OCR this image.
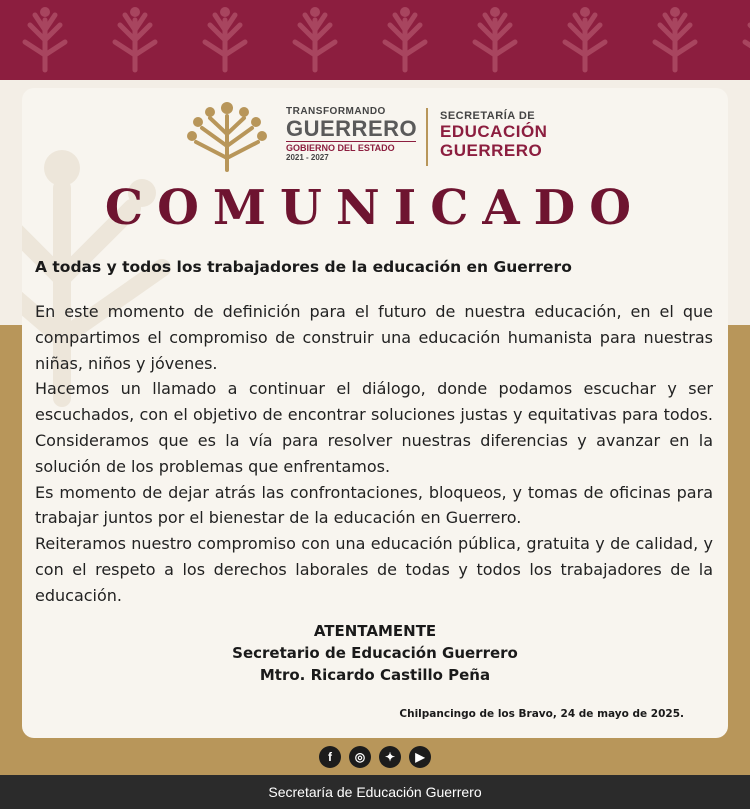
TRANSFORMANDO
GUERRERO
GOBIERNO DEL ESTADO
2021 - 2027
SECRETARÍA DE
EDUCACIÓN
GUERRERO
COMUNICADO
A todas y todos los trabajadores de la educación en Guerrero

En este momento de definición para el futuro de nuestra educación, en el que compartimos el compromiso de construir una educación humanista para nuestras niñas, niños y jóvenes.

Hacemos un llamado a continuar el diálogo, donde podamos escuchar y ser escuchados, con el objetivo de encontrar soluciones justas y equitativas para todos. Consideramos que es la vía para resolver nuestras diferencias y avanzar en la solución de los problemas que enfrentamos.

Es momento de dejar atrás las confrontaciones, bloqueos, y tomas de oficinas para trabajar juntos por el bienestar de la educación en Guerrero.

Reiteramos nuestro compromiso con una educación pública, gratuita y de calidad, y con el respeto a los derechos laborales de todas y todos los trabajadores de la educación.

ATENTAMENTE
Secretario de Educación Guerrero
Mtro. Ricardo Castillo Peña
Chilpancingo de los Bravo, 24 de mayo de 2025.
f	◎	✦	▶
Secretaría de Educación Guerrero
